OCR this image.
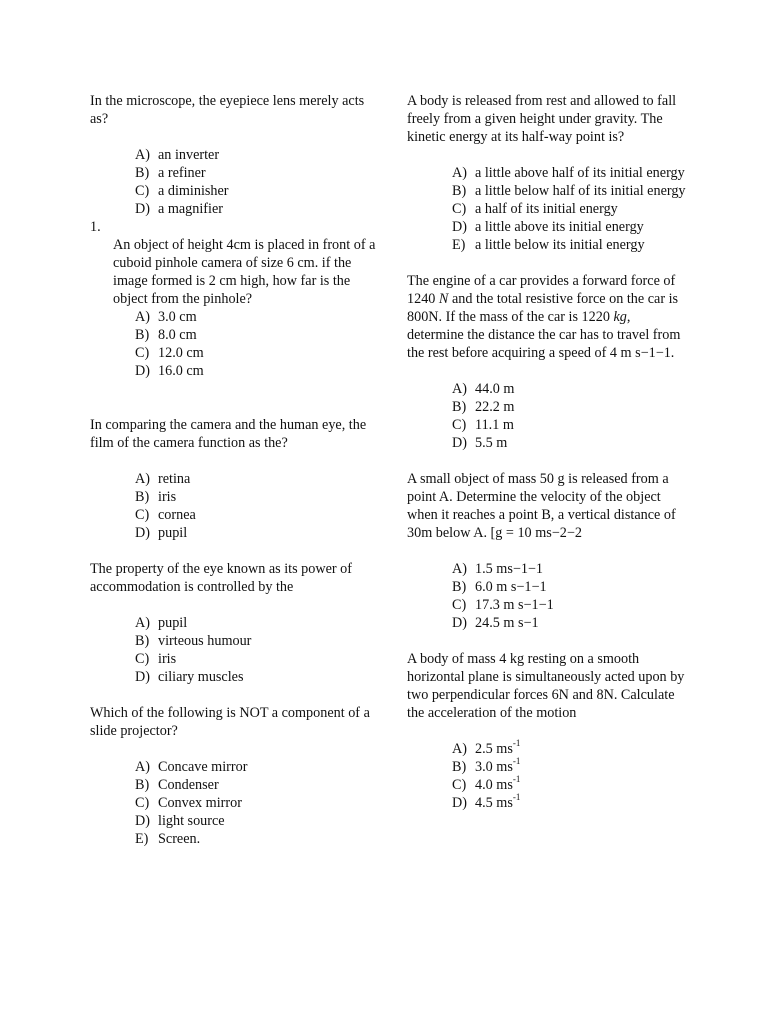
In the microscope, the eyepiece lens merely acts as?

A) an inverter
B) a refiner
C) a diminisher
D) a magnifier

1.

An object of height 4cm is placed in front of a cuboid pinhole camera of size 6 cm. if the image formed is 2 cm high, how far is the object from the pinhole?

A) 3.0 cm
B) 8.0 cm
C) 12.0 cm
D) 16.0 cm

In comparing the camera and the human eye, the film of the camera function as the?

A) retina
B) iris
C) cornea
D) pupil

The property of the eye known as its power of accommodation is controlled by the

A) pupil
B) virteous humour
C) iris
D) ciliary muscles

Which of the following is NOT a component of a slide projector?

A) Concave mirror
B) Condenser
C) Convex mirror
D) light source
E) Screen.

A body is released from rest and allowed to fall freely from a given height under gravity. The kinetic energy at its half-way point is?

A) a little above half of its initial energy
B) a little below half of its initial energy
C) a half of its initial energy
D) a little above its initial energy
E) a little below its initial energy

The engine of a car provides a forward force of 1240 N and the total resistive force on the car is 800N. If the mass of the car is 1220 kg, determine the distance the car has to travel from the rest before acquiring a speed of 4 m s−1−1.

A) 44.0 m
B) 22.2 m
C) 11.1 m
D) 5.5 m

A small object of mass 50 g is released from a point A. Determine the velocity of the object when it reaches a point B, a vertical distance of 30m below A. [g = 10 ms−2−2

A) 1.5 ms−1−1
B) 6.0 m s−1−1
C) 17.3 m s−1−1
D) 24.5 m s−1

A body of mass 4 kg resting on a smooth horizontal plane is simultaneously acted upon by two perpendicular forces 6N and 8N. Calculate the acceleration of the motion

A) 2.5 $ms^{-1}$
B) 3.0 $ms^{-1}$
C) 4.0 $ms^{-1}$
D) 4.5 $ms^{-1}$
